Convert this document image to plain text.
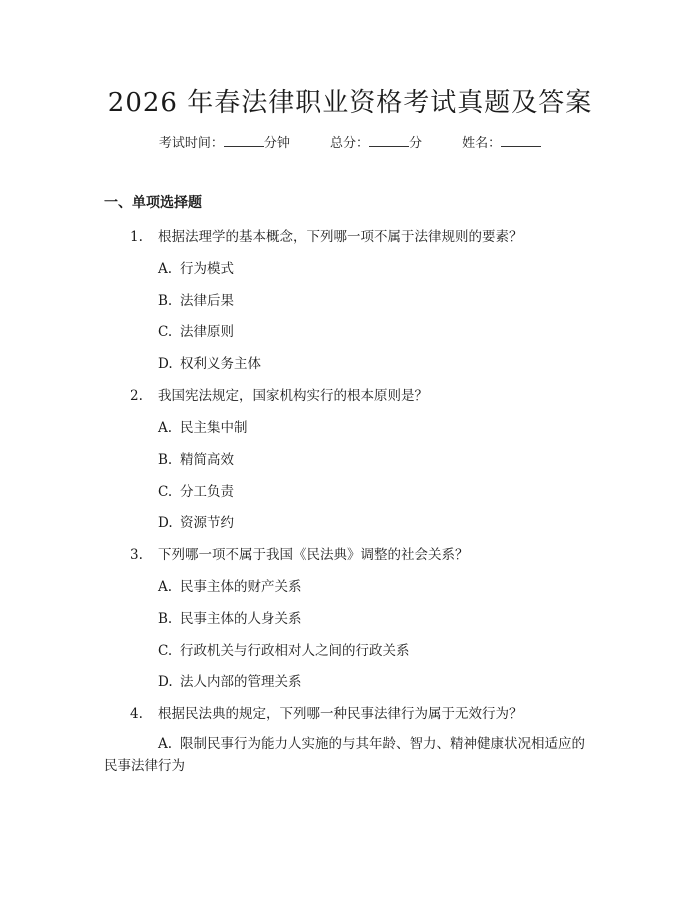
2026 年春法律职业资格考试真题及答案
考试时间：	分钟	总分：	分	姓名：
一、单项选择题
1. 根据法理学的基本概念，下列哪一项不属于法律规则的要素？
A. 行为模式
B. 法律后果
C. 法律原则
D. 权利义务主体
2. 我国宪法规定，国家机构实行的根本原则是？
A. 民主集中制
B. 精简高效
C. 分工负责
D. 资源节约
3. 下列哪一项不属于我国《民法典》调整的社会关系？
A. 民事主体的财产关系
B. 民事主体的人身关系
C. 行政机关与行政相对人之间的行政关系
D. 法人内部的管理关系
4. 根据民法典的规定，下列哪一种民事法律行为属于无效行为？
A. 限制民事行为能力人实施的与其年龄、智力、精神健康状况相适应的
民事法律行为
